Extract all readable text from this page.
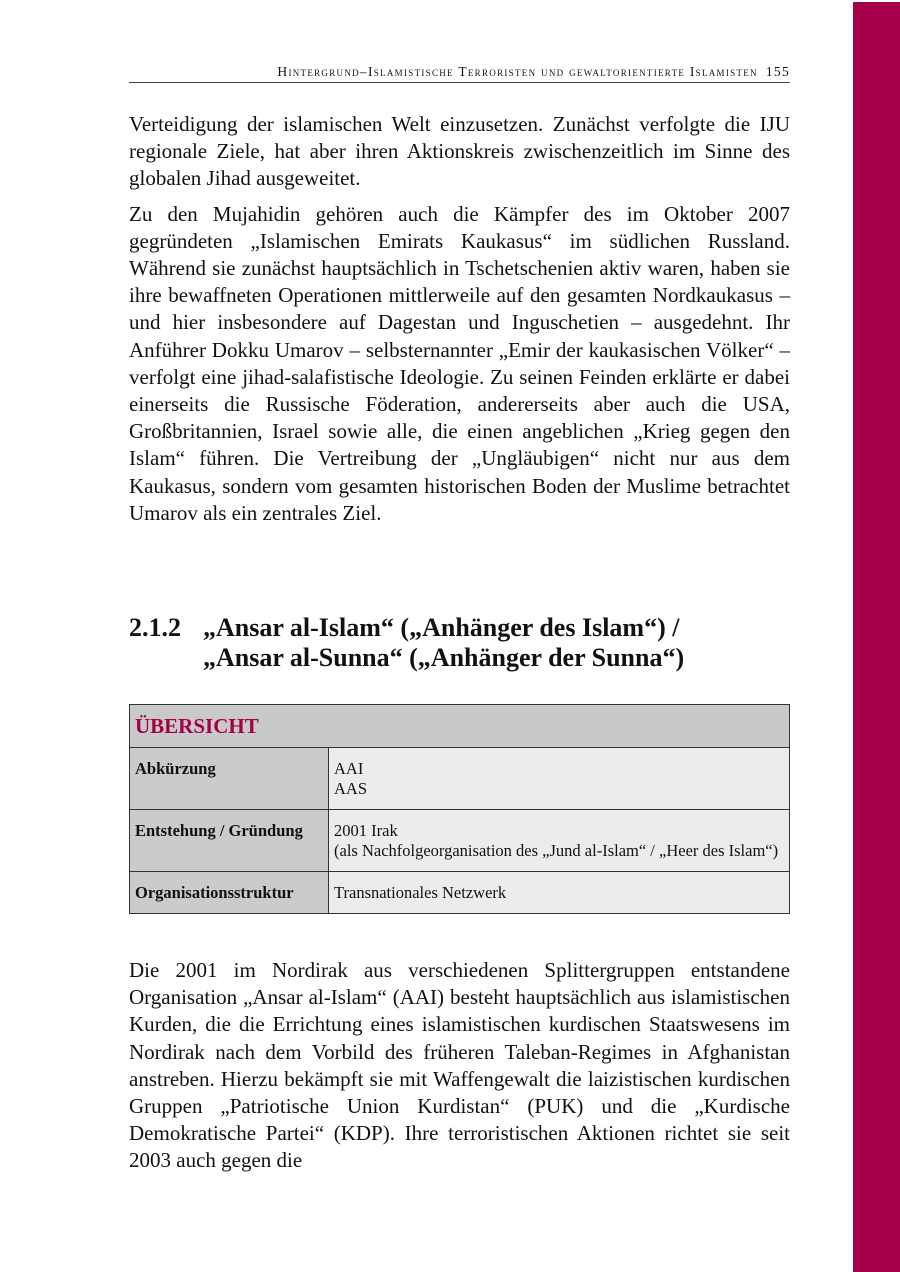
Hintergrund–Islamistische Terroristen und gewaltorientierte Islamisten 155

Verteidigung der islamischen Welt einzusetzen. Zunächst verfolgte die IJU regionale Ziele, hat aber ihren Aktionskreis zwischenzeitlich im Sinne des globalen Jihad ausgeweitet.

Zu den Mujahidin gehören auch die Kämpfer des im Oktober 2007 gegründeten „Islamischen Emirats Kaukasus“ im südlichen Russland. Während sie zunächst hauptsächlich in Tschetschenien aktiv waren, haben sie ihre bewaffneten Operationen mittlerweile auf den gesamten Nordkaukasus – und hier insbesondere auf Dagestan und Inguschetien – ausgedehnt. Ihr Anführer Dokku Umarov – selbsternannter „Emir der kaukasischen Völker“ – verfolgt eine jihad-salafistische Ideologie. Zu seinen Feinden erklärte er dabei einerseits die Russische Föderation, andererseits aber auch die USA, Großbritannien, Israel sowie alle, die einen angeblichen „Krieg gegen den Islam“ führen. Die Vertreibung der „Ungläubigen“ nicht nur aus dem Kaukasus, sondern vom gesamten historischen Boden der Muslime betrachtet Umarov als ein zentrales Ziel.

2.1.2 „Ansar al-Islam“ („Anhänger des Islam“) /
„Ansar al-Sunna“ („Anhänger der Sunna“)
ÜBERSICHT	
Abkürzung	AAI
AAS

Entstehung / Gründung	2001 Irak
(als Nachfolgeorganisation des „Jund al-Islam“ / „Heer des Islam“)

Organisationsstruktur	Transnationales Netzwerk

Die 2001 im Nordirak aus verschiedenen Splittergruppen entstandene Organisation „Ansar al-Islam“ (AAI) besteht hauptsächlich aus islamistischen Kurden, die die Errichtung eines islamistischen kurdischen Staatswesens im Nordirak nach dem Vorbild des früheren Taleban-Regimes in Afghanistan anstreben. Hierzu bekämpft sie mit Waffengewalt die laizistischen kurdischen Gruppen „Patriotische Union Kurdistan“ (PUK) und die „Kurdische Demokratische Partei“ (KDP). Ihre terroristischen Aktionen richtet sie seit 2003 auch gegen die
